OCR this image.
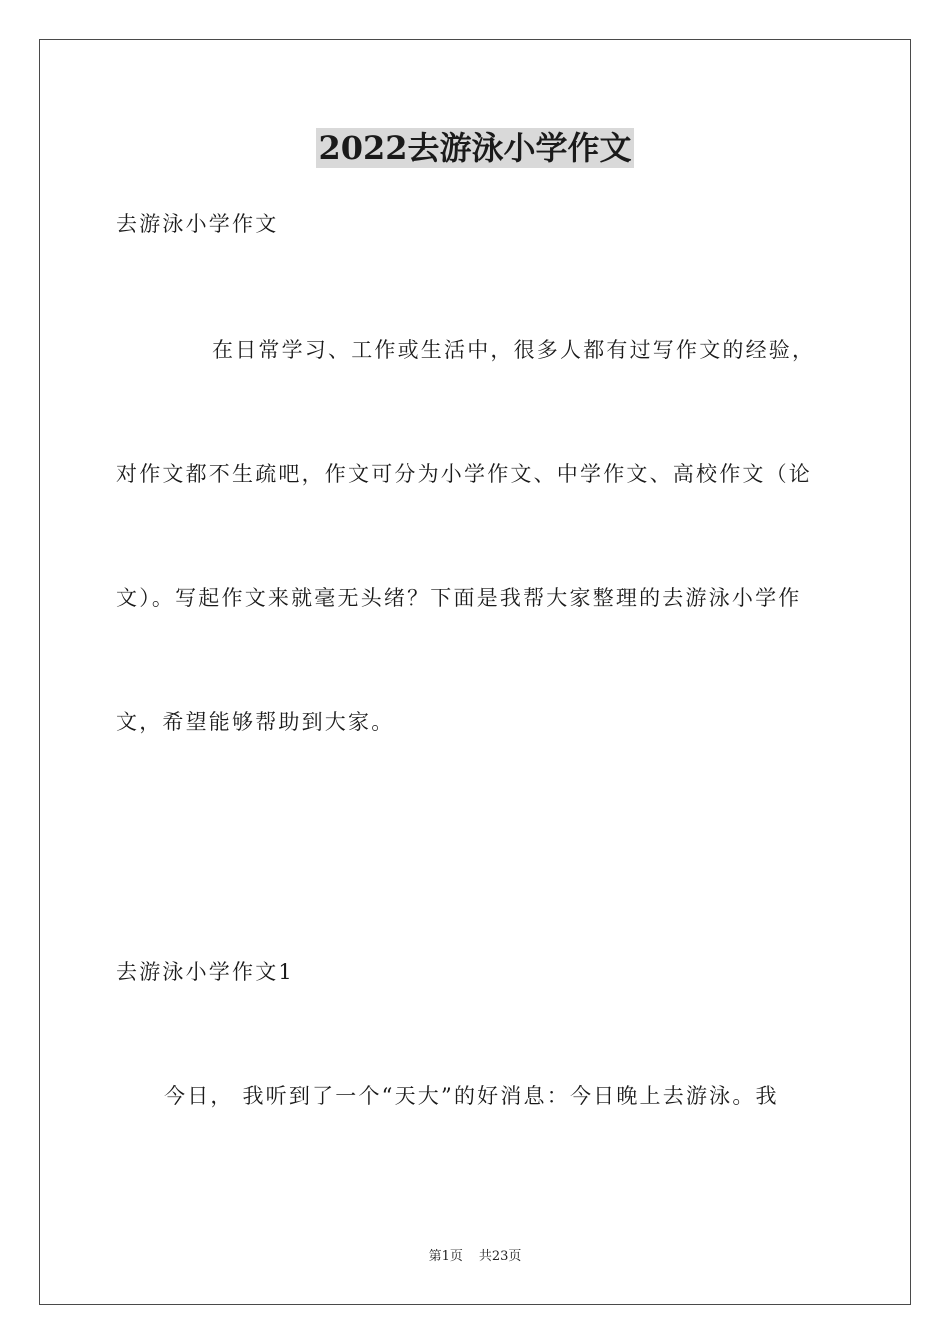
2022去游泳小学作文
去游泳小学作文
在日常学习、工作或生活中，很多人都有过写作文的经验，
对作文都不生疏吧，作文可分为小学作文、中学作文、高校作文（论
文）。写起作文来就毫无头绪？下面是我帮大家整理的去游泳小学作
文，希望能够帮助到大家。
去游泳小学作文1
今日， 我听到了一个“天大”的好消息：今日晚上去游泳。我
第1页 共23页
